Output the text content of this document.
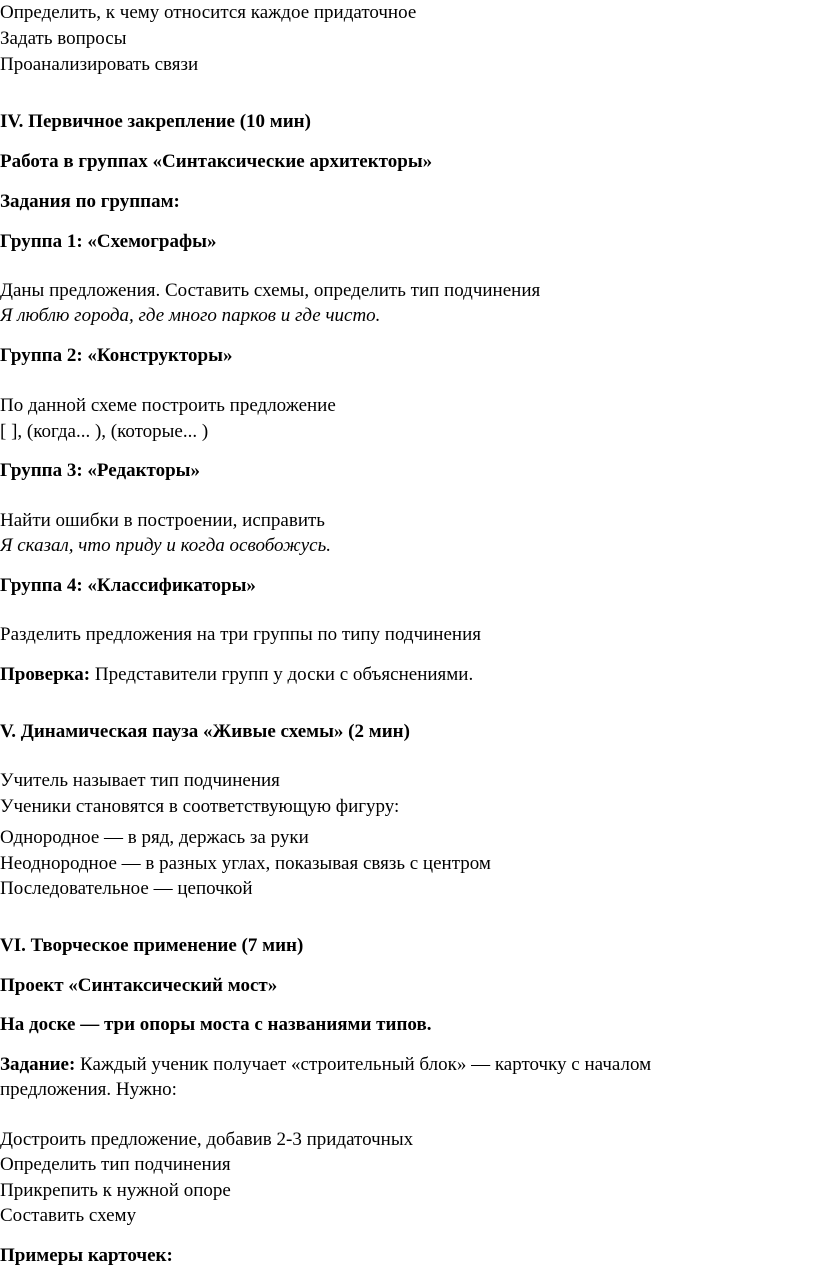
Определить, к чему относится каждое придаточное

Задать вопросы

Проанализировать связи

IV. Первичное закрепление (10 мин)

Работа в группах «Синтаксические архитекторы»

Задания по группам:

Группа 1: «Схемографы»

Даны предложения. Составить схемы, определить тип подчинения

Я люблю города, где много парков и где чисто.

Группа 2: «Конструкторы»

По данной схеме построить предложение

[ ], (когда... ), (которые... )

Группа 3: «Редакторы»

Найти ошибки в построении, исправить

Я сказал, что приду и когда освобожусь.

Группа 4: «Классификаторы»

Разделить предложения на три группы по типу подчинения

Проверка: Представители групп у доски с объяснениями.

V. Динамическая пауза «Живые схемы» (2 мин)

Учитель называет тип подчинения

Ученики становятся в соответствующую фигуру:

Однородное — в ряд, держась за руки

Неоднородное — в разных углах, показывая связь с центром

Последовательное — цепочкой

VI. Творческое применение (7 мин)

Проект «Синтаксический мост»

На доске — три опоры моста с названиями типов.

Задание: Каждый ученик получает «строительный блок» — карточку с началом

предложения. Нужно:

Достроить предложение, добавив 2-3 придаточных

Определить тип подчинения

Прикрепить к нужной опоре

Составить схему

Примеры карточек:
